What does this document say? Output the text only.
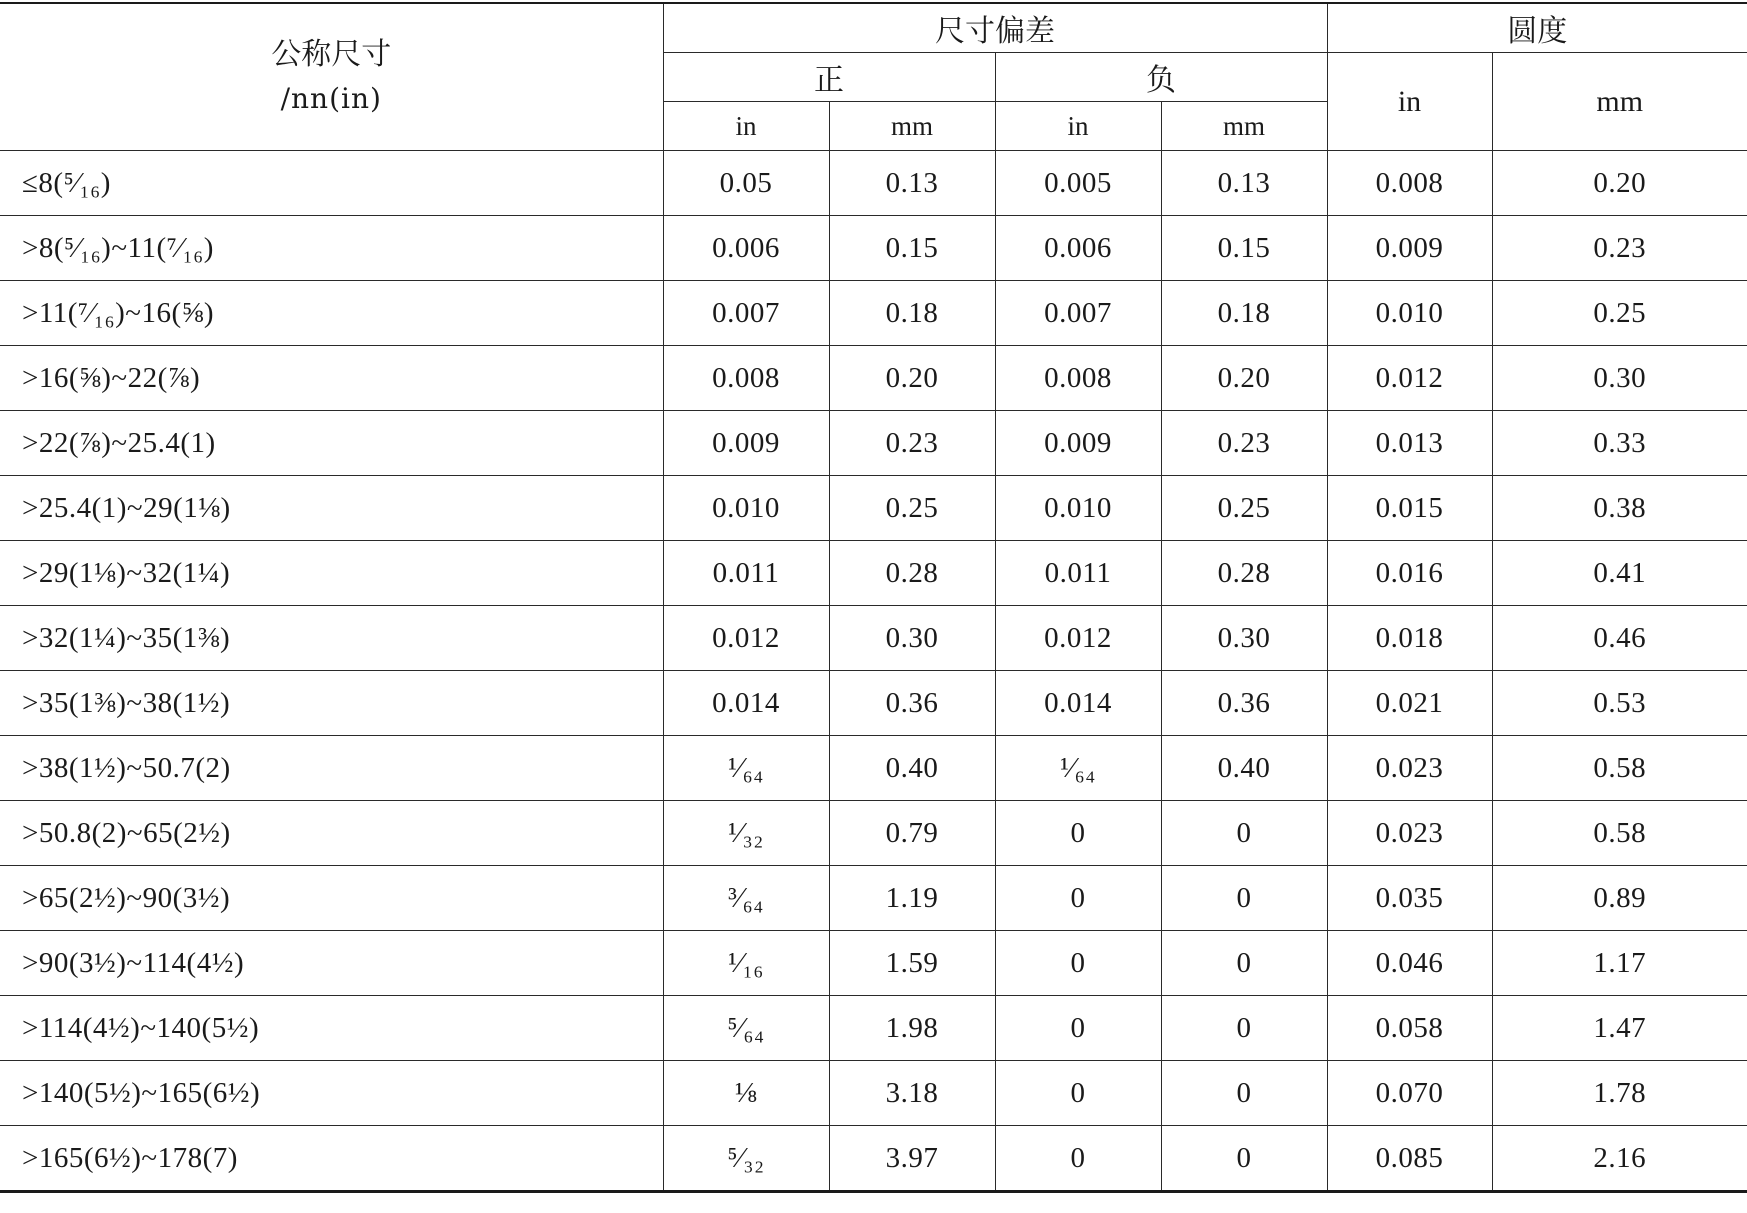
公称尺寸
/nn(in)	尺寸偏差				圆度	
	正		负		in	mm
	in	mm	in	mm		
≤8(⁵⁄₁₆)	0.05	0.13	0.005	0.13	0.008	0.20
>8(⁵⁄₁₆)~11(⁷⁄₁₆)	0.006	0.15	0.006	0.15	0.009	0.23
>11(⁷⁄₁₆)~16(⅝)	0.007	0.18	0.007	0.18	0.010	0.25
>16(⅝)~22(⅞)	0.008	0.20	0.008	0.20	0.012	0.30
>22(⅞)~25.4(1)	0.009	0.23	0.009	0.23	0.013	0.33
>25.4(1)~29(1⅛)	0.010	0.25	0.010	0.25	0.015	0.38
>29(1⅛)~32(1¼)	0.011	0.28	0.011	0.28	0.016	0.41
>32(1¼)~35(1⅜)	0.012	0.30	0.012	0.30	0.018	0.46
>35(1⅜)~38(1½)	0.014	0.36	0.014	0.36	0.021	0.53
>38(1½)~50.7(2)	¹⁄₆₄	0.40	¹⁄₆₄	0.40	0.023	0.58
>50.8(2)~65(2½)	¹⁄₃₂	0.79	0	0	0.023	0.58
>65(2½)~90(3½)	³⁄₆₄	1.19	0	0	0.035	0.89
>90(3½)~114(4½)	¹⁄₁₆	1.59	0	0	0.046	1.17
>114(4½)~140(5½)	⁵⁄₆₄	1.98	0	0	0.058	1.47
>140(5½)~165(6½)	⅛	3.18	0	0	0.070	1.78
>165(6½)~178(7)	⁵⁄₃₂	3.97	0	0	0.085	2.16
